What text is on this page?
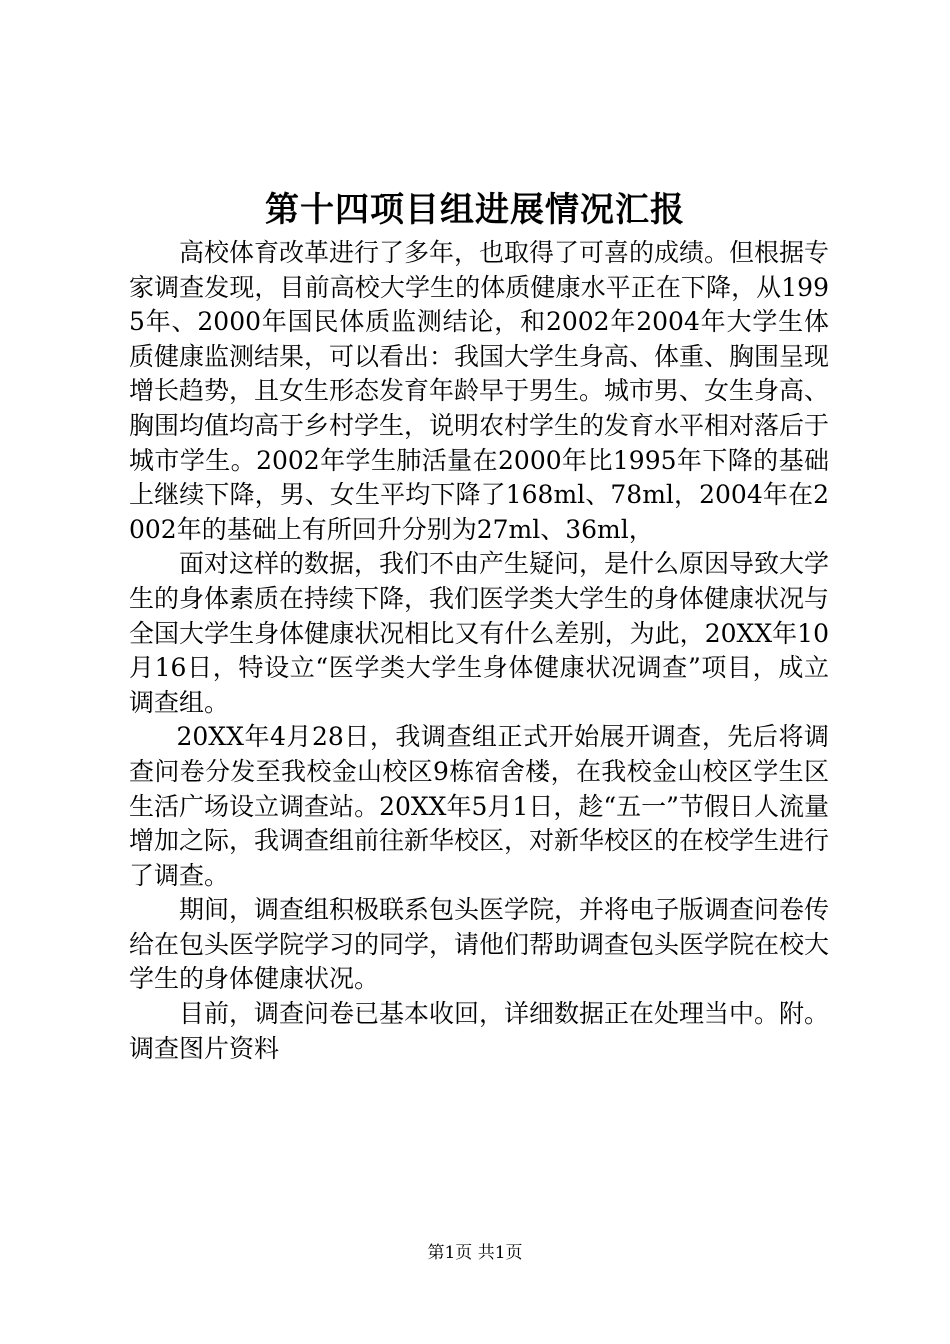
第十四项目组进展情况汇报

高校体育改革进行了多年，也取得了可喜的成绩。但根据专家调查发现，目前高校大学生的体质健康水平正在下降，从1995年、2000年国民体质监测结论，和2002年2004年大学生体质健康监测结果，可以看出：我国大学生身高、体重、胸围呈现增长趋势，且女生形态发育年龄早于男生。城市男、女生身高、胸围均值均高于乡村学生，说明农村学生的发育水平相对落后于城市学生。2002年学生肺活量在2000年比1995年下降的基础上继续下降，男、女生平均下降了168ml、78ml，2004年在2002年的基础上有所回升分别为27ml、36ml，

面对这样的数据，我们不由产生疑问，是什么原因导致大学生的身体素质在持续下降，我们医学类大学生的身体健康状况与全国大学生身体健康状况相比又有什么差别，为此，20XX年10月16日，特设立“医学类大学生身体健康状况调查”项目，成立调查组。

20XX年4月28日，我调查组正式开始展开调查，先后将调查问卷分发至我校金山校区9栋宿舍楼，在我校金山校区学生区生活广场设立调查站。20XX年5月1日，趁“五一”节假日人流量增加之际，我调查组前往新华校区，对新华校区的在校学生进行了调查。

期间，调查组积极联系包头医学院，并将电子版调查问卷传给在包头医学院学习的同学，请他们帮助调查包头医学院在校大学生的身体健康状况。

目前，调查问卷已基本收回，详细数据正在处理当中。附。调查图片资料

第1页 共1页
